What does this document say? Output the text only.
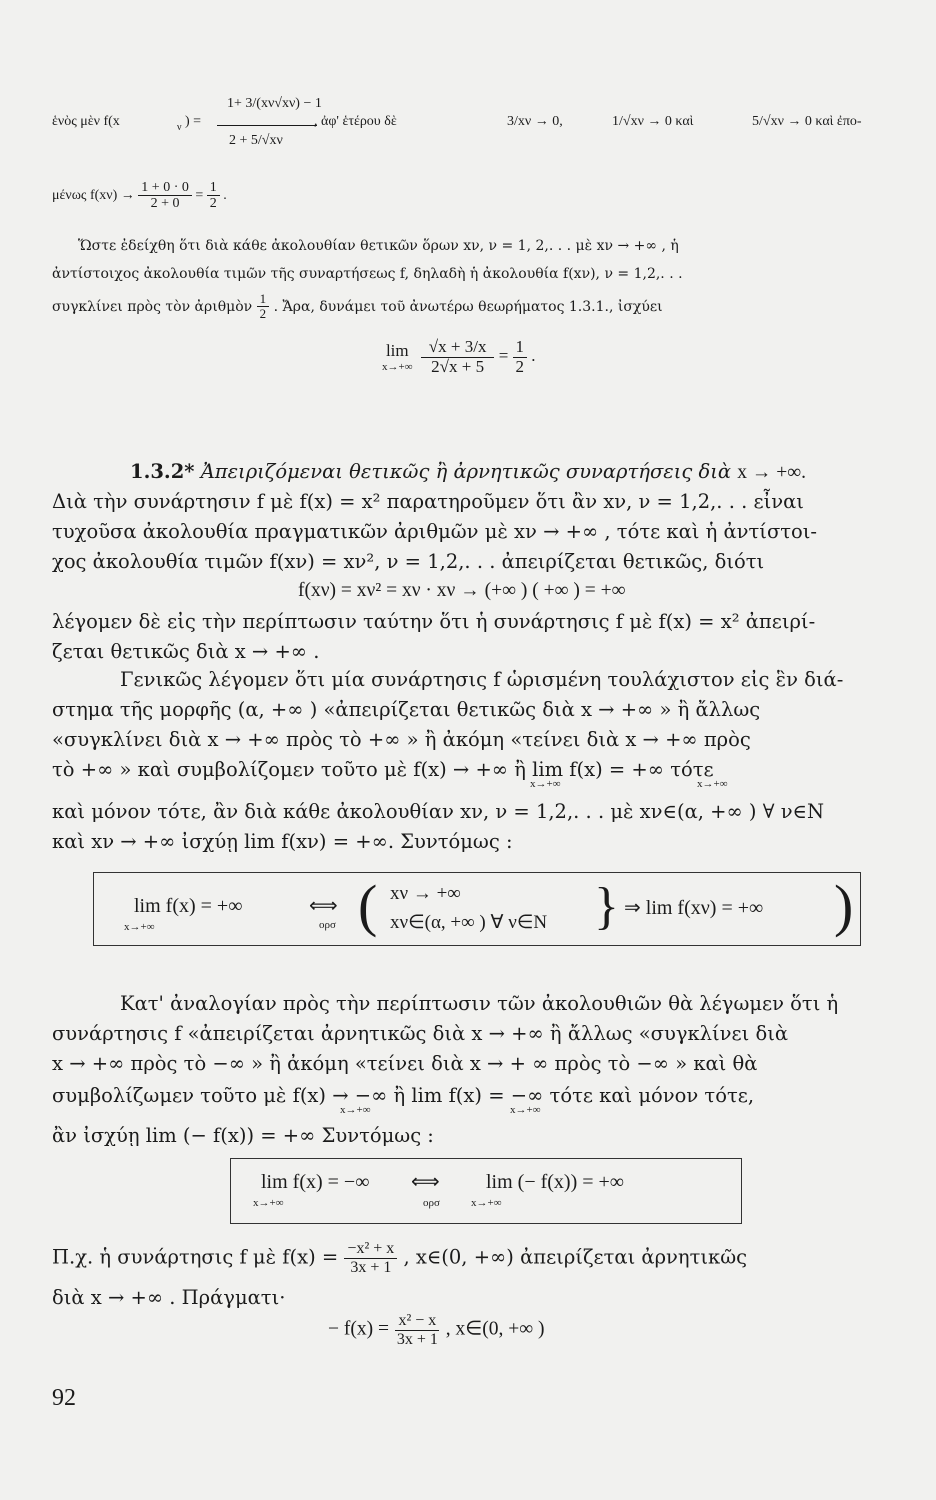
ἑνὸς μὲν f(x	ν ) =
1+ 3/(xν√xν) − 1
2 + 5/√xν
, ἀφ' ἑτέρου δὲ	3/xν → 0,	1/√xν → 0 καὶ	5/√xν → 0 καὶ ἐπο-
μένως $f(x\nu) \to \frac{1 + 0 \cdot 0}{2 + 0} = \frac{1}{2}$ .
Ὥστε ἐδείχθη ὅτι διὰ κάθε ἀκολουθίαν θετικῶν ὅρων xν, ν = 1, 2,. . . μὲ xν → +∞ , ἡ
ἀντίστοιχος ἀκολουθία τιμῶν τῆς συναρτήσεως f, δηλαδὴ ἡ ἀκολουθία f(xν), ν = 1,2,. . .
συγκλίνει πρὸς τὸν ἀριθμὸν $\frac{1}{2}$ . Ἄρα, δυνάμει τοῦ ἀνωτέρω θεωρήματος 1.3.1., ἰσχύει
lim
x→+∞
$\frac{√x + 3/x}{2√x + 5} = \frac{1}{2}$ .
1.3.2* Ἀπειριζόμεναι θετικῶς ἢ ἀρνητικῶς συναρτήσεις διὰ x → +∞.
Διὰ τὴν συνάρτησιν f μὲ f(x) = x² παρατηροῦμεν ὅτι ἂν xν, ν = 1,2,. . . εἶναι
τυχοῦσα ἀκολουθία πραγματικῶν ἀριθμῶν μὲ xν → +∞ , τότε καὶ ἡ ἀντίστοι-
χος ἀκολουθία τιμῶν f(xν) = xν², ν = 1,2,. . . ἀπειρίζεται θετικῶς, διότι
f(xν) = xν² = xν · xν → (+∞ ) ( +∞ ) = +∞
λέγομεν δὲ εἰς τὴν περίπτωσιν ταύτην ὅτι ἡ συνάρτησις f μὲ f(x) = x² ἀπειρί-
ζεται θετικῶς διὰ x → +∞ .
Γενικῶς λέγομεν ὅτι μία συνάρτησις f ὡρισμένη τουλάχιστον εἰς ἓν διά-
στημα τῆς μορφῆς (α, +∞ ) «ἀπειρίζεται θετικῶς διὰ x → +∞ » ἢ ἄλλως
«συγκλίνει διὰ x → +∞ πρὸς τὸ +∞ » ἢ ἀκόμη «τείνει διὰ x → +∞ πρὸς
τὸ +∞ » καὶ συμβολίζομεν τοῦτο μὲ f(x) → +∞ ἢ lim f(x) = +∞ τότε
x→+∞	x→+∞
καὶ μόνον τότε, ἂν διὰ κάθε ἀκολουθίαν xν, ν = 1,2,. . . μὲ xν∈(α, +∞ ) ∀ ν∈N
καὶ xν → +∞ ἰσχύῃ lim f(xν) = +∞. Συντόμως :
lim f(x) = +∞
x→+∞
⟺
ορσ ( xν → +∞
xν∈(α, +∞ ) ∀ ν∈N } ⇒ lim f(xν) = +∞ )
Κατ' ἀναλογίαν πρὸς τὴν περίπτωσιν τῶν ἀκολουθιῶν θὰ λέγωμεν ὅτι ἡ
συνάρτησις f «ἀπειρίζεται ἀρνητικῶς διὰ x → +∞ ἢ ἄλλως «συγκλίνει διὰ
x → +∞ πρὸς τὸ −∞ » ἢ ἀκόμη «τείνει διὰ x → + ∞ πρὸς τὸ −∞ » καὶ θὰ
συμβολίζωμεν τοῦτο μὲ f(x) → −∞ ἢ lim f(x) = −∞ τότε καὶ μόνον τότε,
x→+∞	x→+∞
ἂν ἰσχύῃ lim (− f(x)) = +∞ Συντόμως :
lim f(x) = −∞
x→+∞
⟺
ορσ
lim (− f(x)) = +∞
x→+∞
Π.χ. ἡ συνάρτησις f μὲ $f(x) = \frac{\text{−x² + x}}{3x + 1}$ , x∈(0, +∞) ἀπειρίζεται ἀρνητικῶς
διὰ x → +∞ . Πράγματι·
− $f(x) = \frac{\text{x² − x}}{3x + 1}$ , x∈(0, +∞ )
92
